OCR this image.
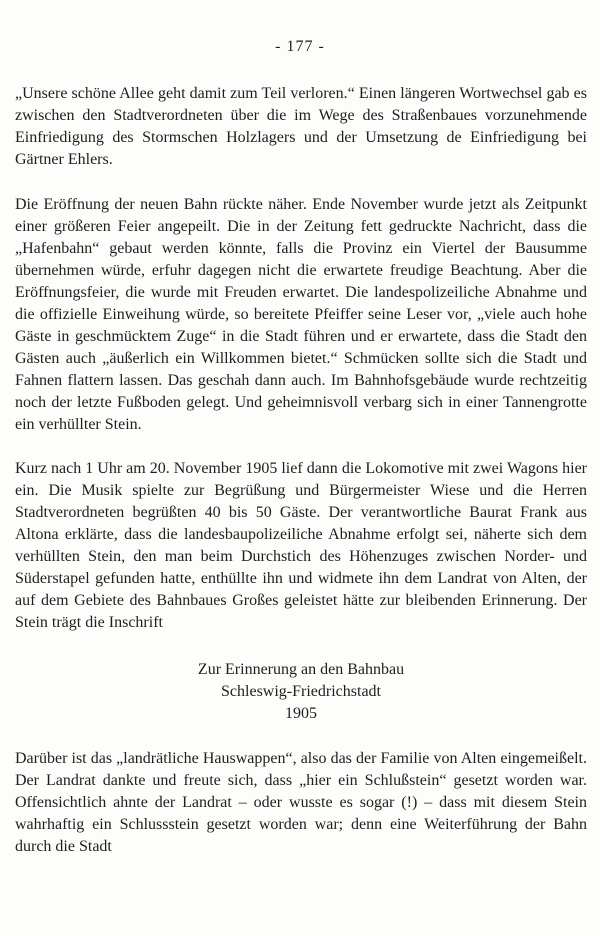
- 177 -

„Unsere schöne Allee geht damit zum Teil verloren.“ Einen längeren Wortwechsel gab es zwischen den Stadtverordneten über die im Wege des Straßenbaues vorzunehmende Einfriedigung des Stormschen Holzlagers und der Umsetzung de Einfriedigung bei Gärtner Ehlers.

Die Eröffnung der neuen Bahn rückte näher. Ende November wurde jetzt als Zeitpunkt einer größeren Feier angepeilt. Die in der Zeitung fett gedruckte Nachricht, dass die „Hafenbahn“ gebaut werden könnte, falls die Provinz ein Viertel der Bausumme übernehmen würde, erfuhr dagegen nicht die erwartete freudige Beachtung. Aber die Eröffnungsfeier, die wurde mit Freuden erwartet. Die landespolizeiliche Abnahme und die offizielle Einweihung würde, so bereitete Pfeiffer seine Leser vor, „viele auch hohe Gäste in geschmücktem Zuge“ in die Stadt führen und er erwartete, dass die Stadt den Gästen auch „äußerlich ein Willkommen bietet.“ Schmücken sollte sich die Stadt und Fahnen flattern lassen. Das geschah dann auch. Im Bahnhofsgebäude wurde rechtzeitig noch der letzte Fußboden gelegt. Und geheimnisvoll verbarg sich in einer Tannengrotte ein verhüllter Stein.

Kurz nach 1 Uhr am 20. November 1905 lief dann die Lokomotive mit zwei Wagons hier ein. Die Musik spielte zur Begrüßung und Bürgermeister Wiese und die Herren Stadtverordneten begrüßten 40 bis 50 Gäste. Der verantwortliche Baurat Frank aus Altona erklärte, dass die landesbaupolizeiliche Abnahme erfolgt sei, näherte sich dem verhüllten Stein, den man beim Durchstich des Höhenzuges zwischen Norder- und Süderstapel gefunden hatte, enthüllte ihn und widmete ihn dem Landrat von Alten, der auf dem Gebiete des Bahnbaues Großes geleistet hätte zur bleibenden Erinnerung. Der Stein trägt die Inschrift

Zur Erinnerung an den Bahnbau
Schleswig-Friedrichstadt
1905

Darüber ist das „landrätliche Hauswappen“, also das der Familie von Alten eingemeißelt. Der Landrat dankte und freute sich, dass „hier ein Schlußstein“ gesetzt worden war. Offensichtlich ahnte der Landrat – oder wusste es sogar (!) – dass mit diesem Stein wahrhaftig ein Schlussstein gesetzt worden war; denn eine Weiterführung der Bahn durch die Stadt
